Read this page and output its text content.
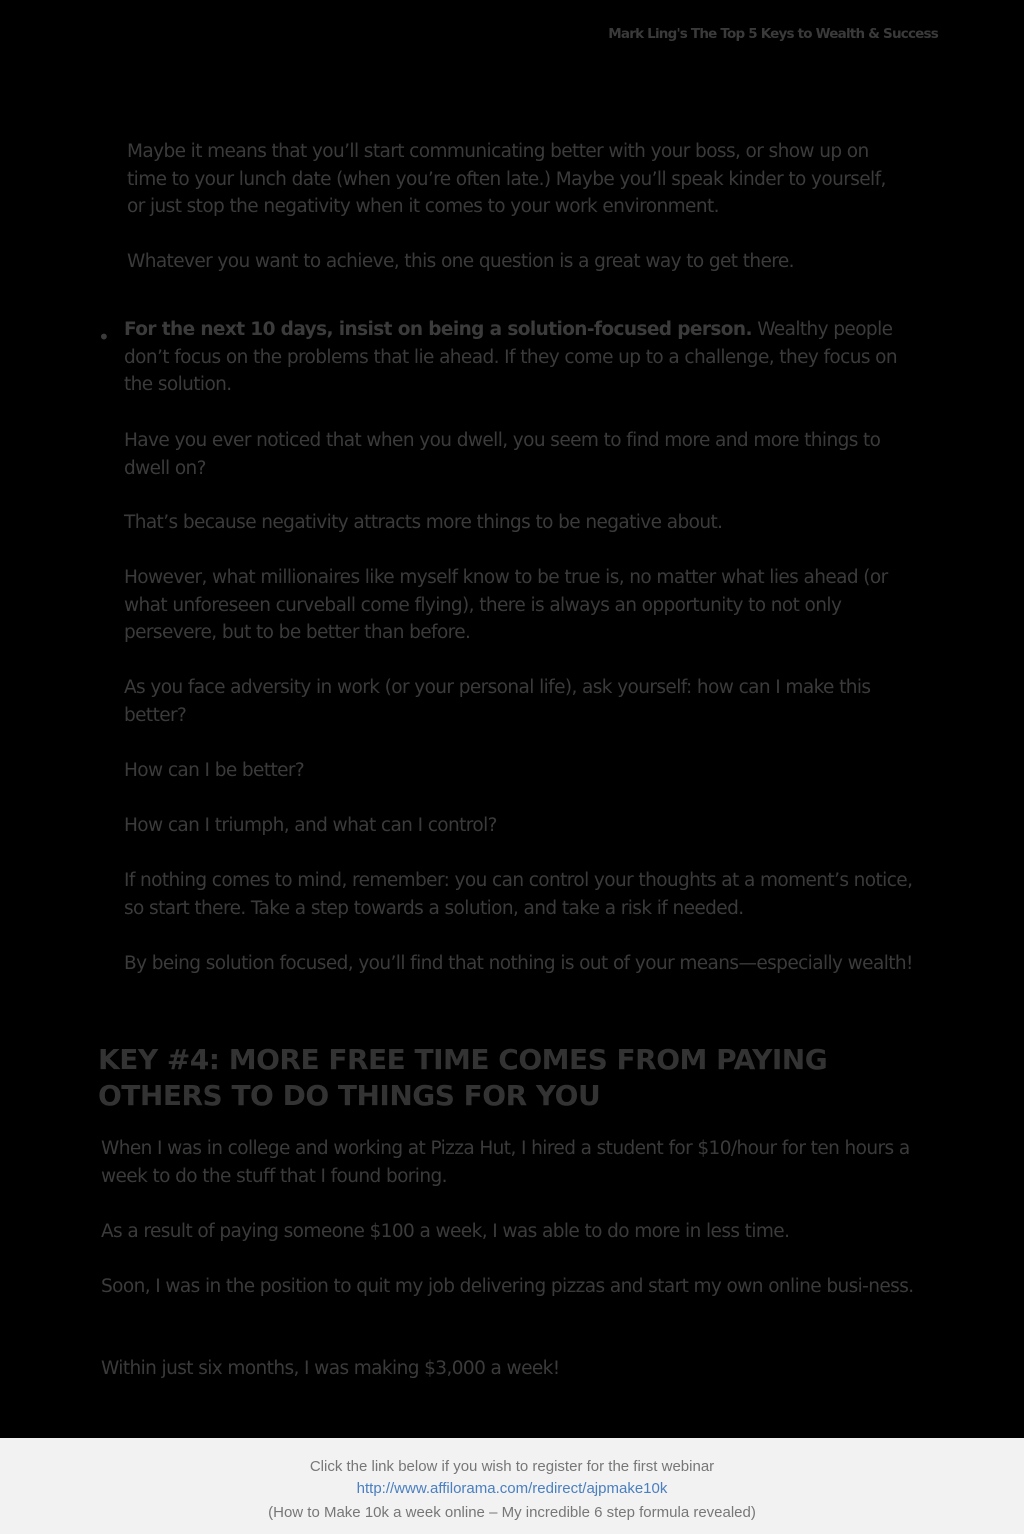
Mark Ling's The Top 5 Keys to Wealth & Success

Maybe it means that you’ll start communicating better with your boss, or show up on time to your lunch date (when you’re often late.) Maybe you’ll speak kinder to yourself, or just stop the negativity when it comes to your work environment.

Whatever you want to achieve, this one question is a great way to get there.

• For the next 10 days, insist on being a solution-focused person. Wealthy people don’t focus on the problems that lie ahead. If they come up to a challenge, they focus on the solution.

Have you ever noticed that when you dwell, you seem to find more and more things to dwell on?

That’s because negativity attracts more things to be negative about.

However, what millionaires like myself know to be true is, no matter what lies ahead (or what unforeseen curveball come flying), there is always an opportunity to not only persevere, but to be better than before.

As you face adversity in work (or your personal life), ask yourself: how can I make this better?

How can I be better?

How can I triumph, and what can I control?

If nothing comes to mind, remember: you can control your thoughts at a moment’s notice, so start there. Take a step towards a solution, and take a risk if needed.

By being solution focused, you’ll find that nothing is out of your means—especially wealth!

KEY #4: MORE FREE TIME COMES FROM PAYING OTHERS TO DO THINGS FOR YOU

When I was in college and working at Pizza Hut, I hired a student for $10/hour for ten hours a week to do the stuff that I found boring.

As a result of paying someone $100 a week, I was able to do more in less time.

Soon, I was in the position to quit my job delivering pizzas and start my own online busi-ness.

Within just six months, I was making $3,000 a week!

Click the link below if you wish to register for the first webinar
http://www.affilorama.com/redirect/ajpmake10k
(How to Make 10k a week online – My incredible 6 step formula revealed)
